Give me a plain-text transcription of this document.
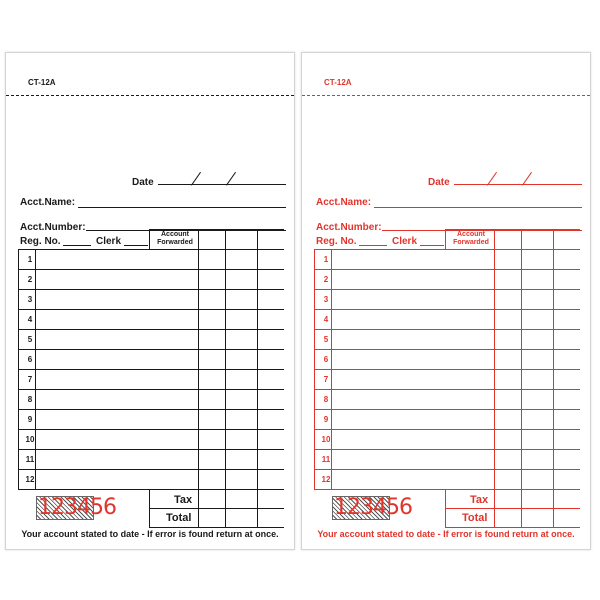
CT-12A
Date
Acct.Name:
Acct.Number:
Reg. No.	Clerk
Account Forwarded
1
2
3
4
5
6
7
8
9
10
11
12
123456	Tax
Total
Your account stated to date - If error is found return at once.
CT-12A
Date
Acct.Name:
Acct.Number:
Reg. No.	Clerk
Account Forwarded
1
2
3
4
5
6
7
8
9
10
11
12
123456	Tax
Total
Your account stated to date - If error is found return at once.
